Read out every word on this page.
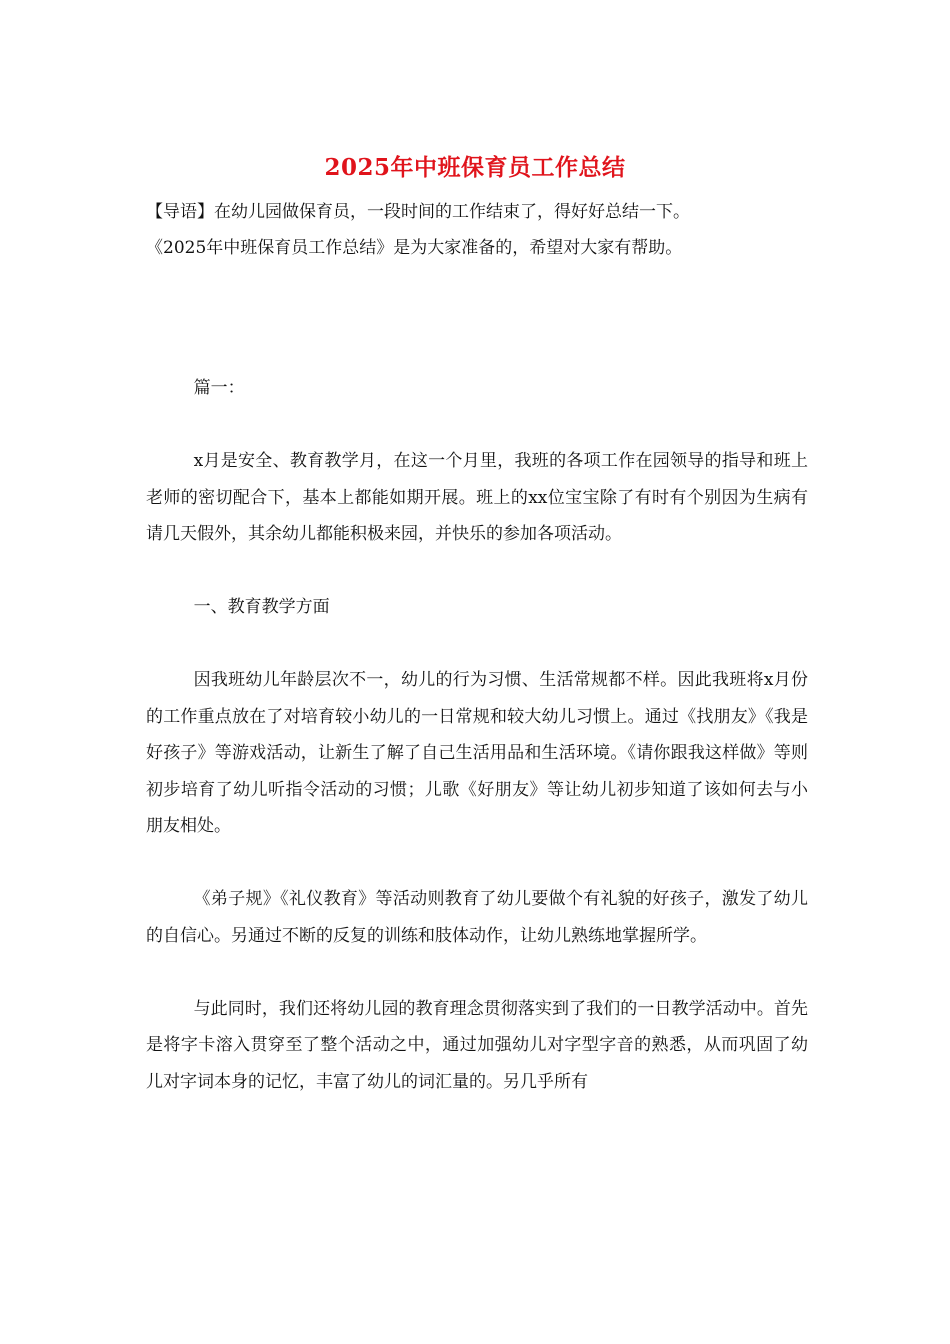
2025年中班保育员工作总结
【导语】在幼儿园做保育员，一段时间的工作结束了，得好好总结一下。
《2025年中班保育员工作总结》是为大家准备的，希望对大家有帮助。

篇一：

x月是安全、教育教学月，在这一个月里，我班的各项工作在园领导的指导和班上老师的密切配合下，基本上都能如期开展。班上的xx位宝宝除了有时有个别因为生病有请几天假外，其余幼儿都能积极来园，并快乐的参加各项活动。

一、教育教学方面

因我班幼儿年龄层次不一，幼儿的行为习惯、生活常规都不样。因此我班将x月份的工作重点放在了对培育较小幼儿的一日常规和较大幼儿习惯上。通过《找朋友》《我是好孩子》等游戏活动，让新生了解了自己生活用品和生活环境。《请你跟我这样做》等则初步培育了幼儿听指令活动的习惯；儿歌《好朋友》等让幼儿初步知道了该如何去与小朋友相处。

《弟子规》《礼仪教育》等活动则教育了幼儿要做个有礼貌的好孩子，激发了幼儿的自信心。另通过不断的反复的训练和肢体动作，让幼儿熟练地掌握所学。

与此同时，我们还将幼儿园的教育理念贯彻落实到了我们的一日教学活动中。首先是将字卡溶入贯穿至了整个活动之中，通过加强幼儿对字型字音的熟悉，从而巩固了幼儿对字词本身的记忆，丰富了幼儿的词汇量的。另几乎所有
